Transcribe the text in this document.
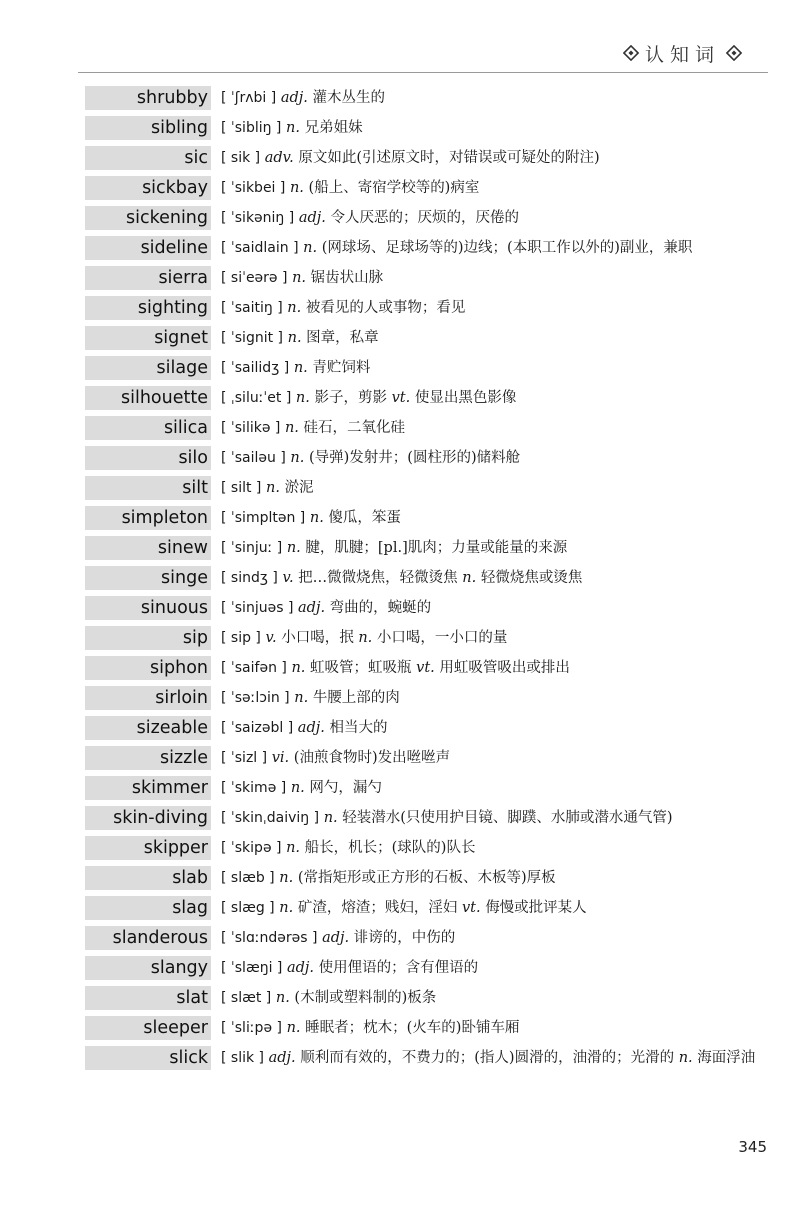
认知词
shrubby [ ˈʃrʌbi ] adj. 灌木丛生的
sibling [ ˈsibliŋ ] n. 兄弟姐妹
sic [ sik ] adv. 原文如此(引述原文时，对错误或可疑处的附注)
sickbay [ ˈsikbei ] n. (船上、寄宿学校等的)病室
sickening [ ˈsikəniŋ ] adj. 令人厌恶的；厌烦的，厌倦的
sideline [ ˈsaidlain ] n. (网球场、足球场等的)边线；(本职工作以外的)副业，兼职
sierra [ siˈeərə ] n. 锯齿状山脉
sighting [ ˈsaitiŋ ] n. 被看见的人或事物；看见
signet [ ˈsignit ] n. 图章，私章
silage [ ˈsailidʒ ] n. 青贮饲料
silhouette [ ˌsiluːˈet ] n. 影子，剪影 vt. 使显出黑色影像
silica [ ˈsilikə ] n. 硅石，二氧化硅
silo [ ˈsailəu ] n. (导弹)发射井；(圆柱形的)储料舱
silt [ silt ] n. 淤泥
simpleton [ ˈsimpltən ] n. 傻瓜，笨蛋
sinew [ ˈsinjuː ] n. 腱，肌腱；[pl.]肌肉；力量或能量的来源
singe [ sindʒ ] v. 把…微微烧焦，轻微烫焦 n. 轻微烧焦或烫焦
sinuous [ ˈsinjuəs ] adj. 弯曲的，蜿蜒的
sip [ sip ] v. 小口喝，抿 n. 小口喝，一小口的量
siphon [ ˈsaifən ] n. 虹吸管；虹吸瓶 vt. 用虹吸管吸出或排出
sirloin [ ˈsəːlɔin ] n. 牛腰上部的肉
sizeable [ ˈsaizəbl ] adj. 相当大的
sizzle [ ˈsizl ] vi. (油煎食物时)发出咝咝声
skimmer [ ˈskimə ] n. 网勺，漏勺
skin-diving [ ˈskinˌdaiviŋ ] n. 轻装潜水(只使用护目镜、脚蹼、水肺或潜水通气管)
skipper [ ˈskipə ] n. 船长，机长；(球队的)队长
slab [ slæb ] n. (常指矩形或正方形的石板、木板等)厚板
slag [ slæg ] n. 矿渣，熔渣；贱妇，淫妇 vt. 侮慢或批评某人
slanderous [ ˈslɑːndərəs ] adj. 诽谤的，中伤的
slangy [ ˈslæŋi ] adj. 使用俚语的；含有俚语的
slat [ slæt ] n. (木制或塑料制的)板条
sleeper [ ˈsliːpə ] n. 睡眠者；枕木；(火车的)卧铺车厢
slick [ slik ] adj. 顺利而有效的，不费力的；(指人)圆滑的，油滑的；光滑的 n. 海面浮油
345
